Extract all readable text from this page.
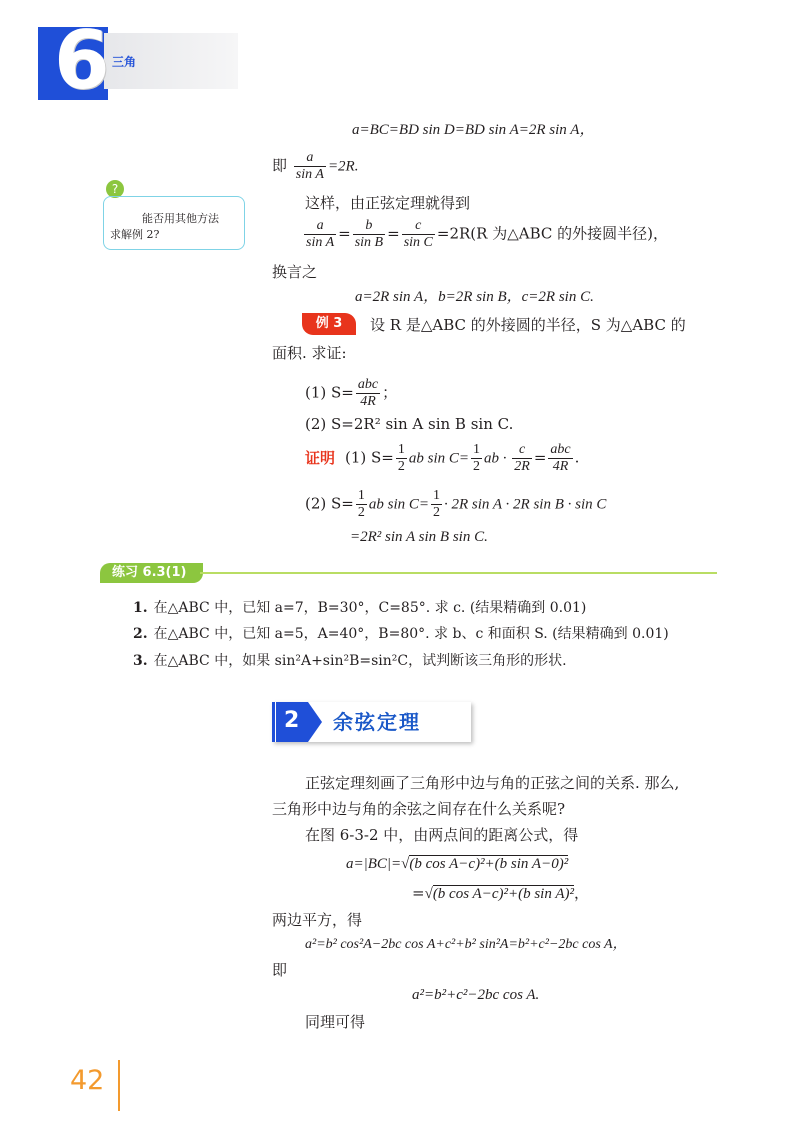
6 三角
?
能否用其他方法
求解例 2?
a=BC=BD sin D=BD sin A=2R sin A，
即 $\frac{a}{\text{sin A}} =2R$.
这样，由正弦定理就得到
$\frac{a}{\text{sin A}} = \frac{b}{\text{sin B}} = \frac{c}{\text{sin C}} =2R(R$ 为△ABC 的外接圆半径)，
换言之
a=2R sin A，b=2R sin B，c=2R sin C.
例 3	设 R 是△ABC 的外接圆的半径，S 为△ABC 的
面积. 求证:
(1) $S= \frac{\text{abc}}{4R}$ ；
(2) S=2R² sin A sin B sin C.
证明 (1) $S= \frac{1}{2}$ ab $\sin C= \frac{1}{2}$ ab · $\frac{c}{2R} = \frac{\text{abc}}{4R}$ .
(2) $S= \frac{1}{2}$ ab $\sin C= \frac{1}{2} \cdot 2R$ sin A · 2R sin B · sin C
=2R² sin A sin B sin C.
练习 6.3(1)
1. 在△ABC 中，已知 a=7，B=30°，C=85°. 求 c. (结果精确到 0.01)
2. 在△ABC 中，已知 a=5，A=40°，B=80°. 求 b、c 和面积 S. (结果精确到 0.01)
3. 在△ABC 中，如果 sin²A+sin²B=sin²C，试判断该三角形的形状.
2 余弦定理
正弦定理刻画了三角形中边与角的正弦之间的关系. 那么,
三角形中边与角的余弦之间存在什么关系呢?
在图 6-3-2 中，由两点间的距离公式，得
a=|BC|=√(b cos A−c)²+(b sin A−0)²
=√(b cos A−c)²+(b sin A)²，
两边平方，得
a²=b² cos²A−2bc cos A+c²+b² sin²A=b²+c²−2bc cos A，
即
a²=b²+c²−2bc cos A.
同理可得
42
